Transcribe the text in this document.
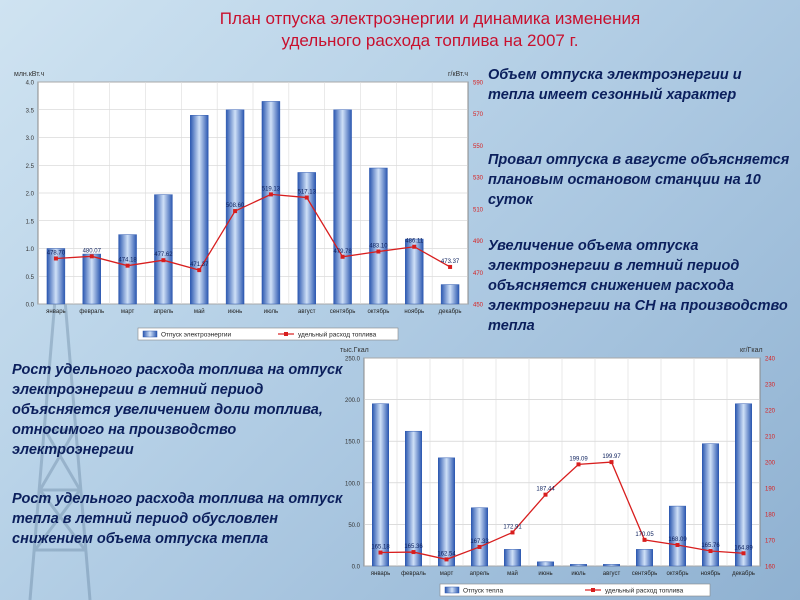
План отпуска электроэнергии и динамика изменения
удельного расхода топлива на 2007 г.
Объем отпуска электроэнергии и тепла имеет сезонный характер
Провал отпуска в августе объясняется плановым остановом станции на 10 суток
Увеличение объема отпуска электроэнергии в летний период объясняется снижением расхода электроэнергии на СН на производство тепла
Рост удельного расхода топлива на отпуск электроэнергии в летний период объясняется увеличением доли топлива, относимого на производство электроэнергии
Рост удельного расхода топлива на отпуск тепла в летний период обусловлен снижением объема отпуска тепла
0.0
0.5
1.0
1.5
2.0
2.5
3.0
3.5
4.0
450
470
490
510
530
550
570
590
млн.кВт.ч	г/кВт.ч
январь февраль	март	апрель	май	июнь	июль	август сентябрь октябрь ноябрь декабрь
478.70	480.07
474.18
477.62
471.37
508.60
519.13
517.13
479.78
483.10
486.11
473.37
Отпуск электроэнергии	удельный расход топлива
0.0
50.0
100.0
150.0
200.0
250.0
160
170
180
190
200
210
220
230
240
тыс.Гкал	кг/Гкал
январь февраль март	апрель	май	июнь	июль	август сентябрь октябрь ноябрь декабрь
165.18 165.36
162.54
167.33
172.91
187.44
199.09 199.97
170.05
168.09
165.76 164.89
Отпуск тепла	удельный расход топлива
